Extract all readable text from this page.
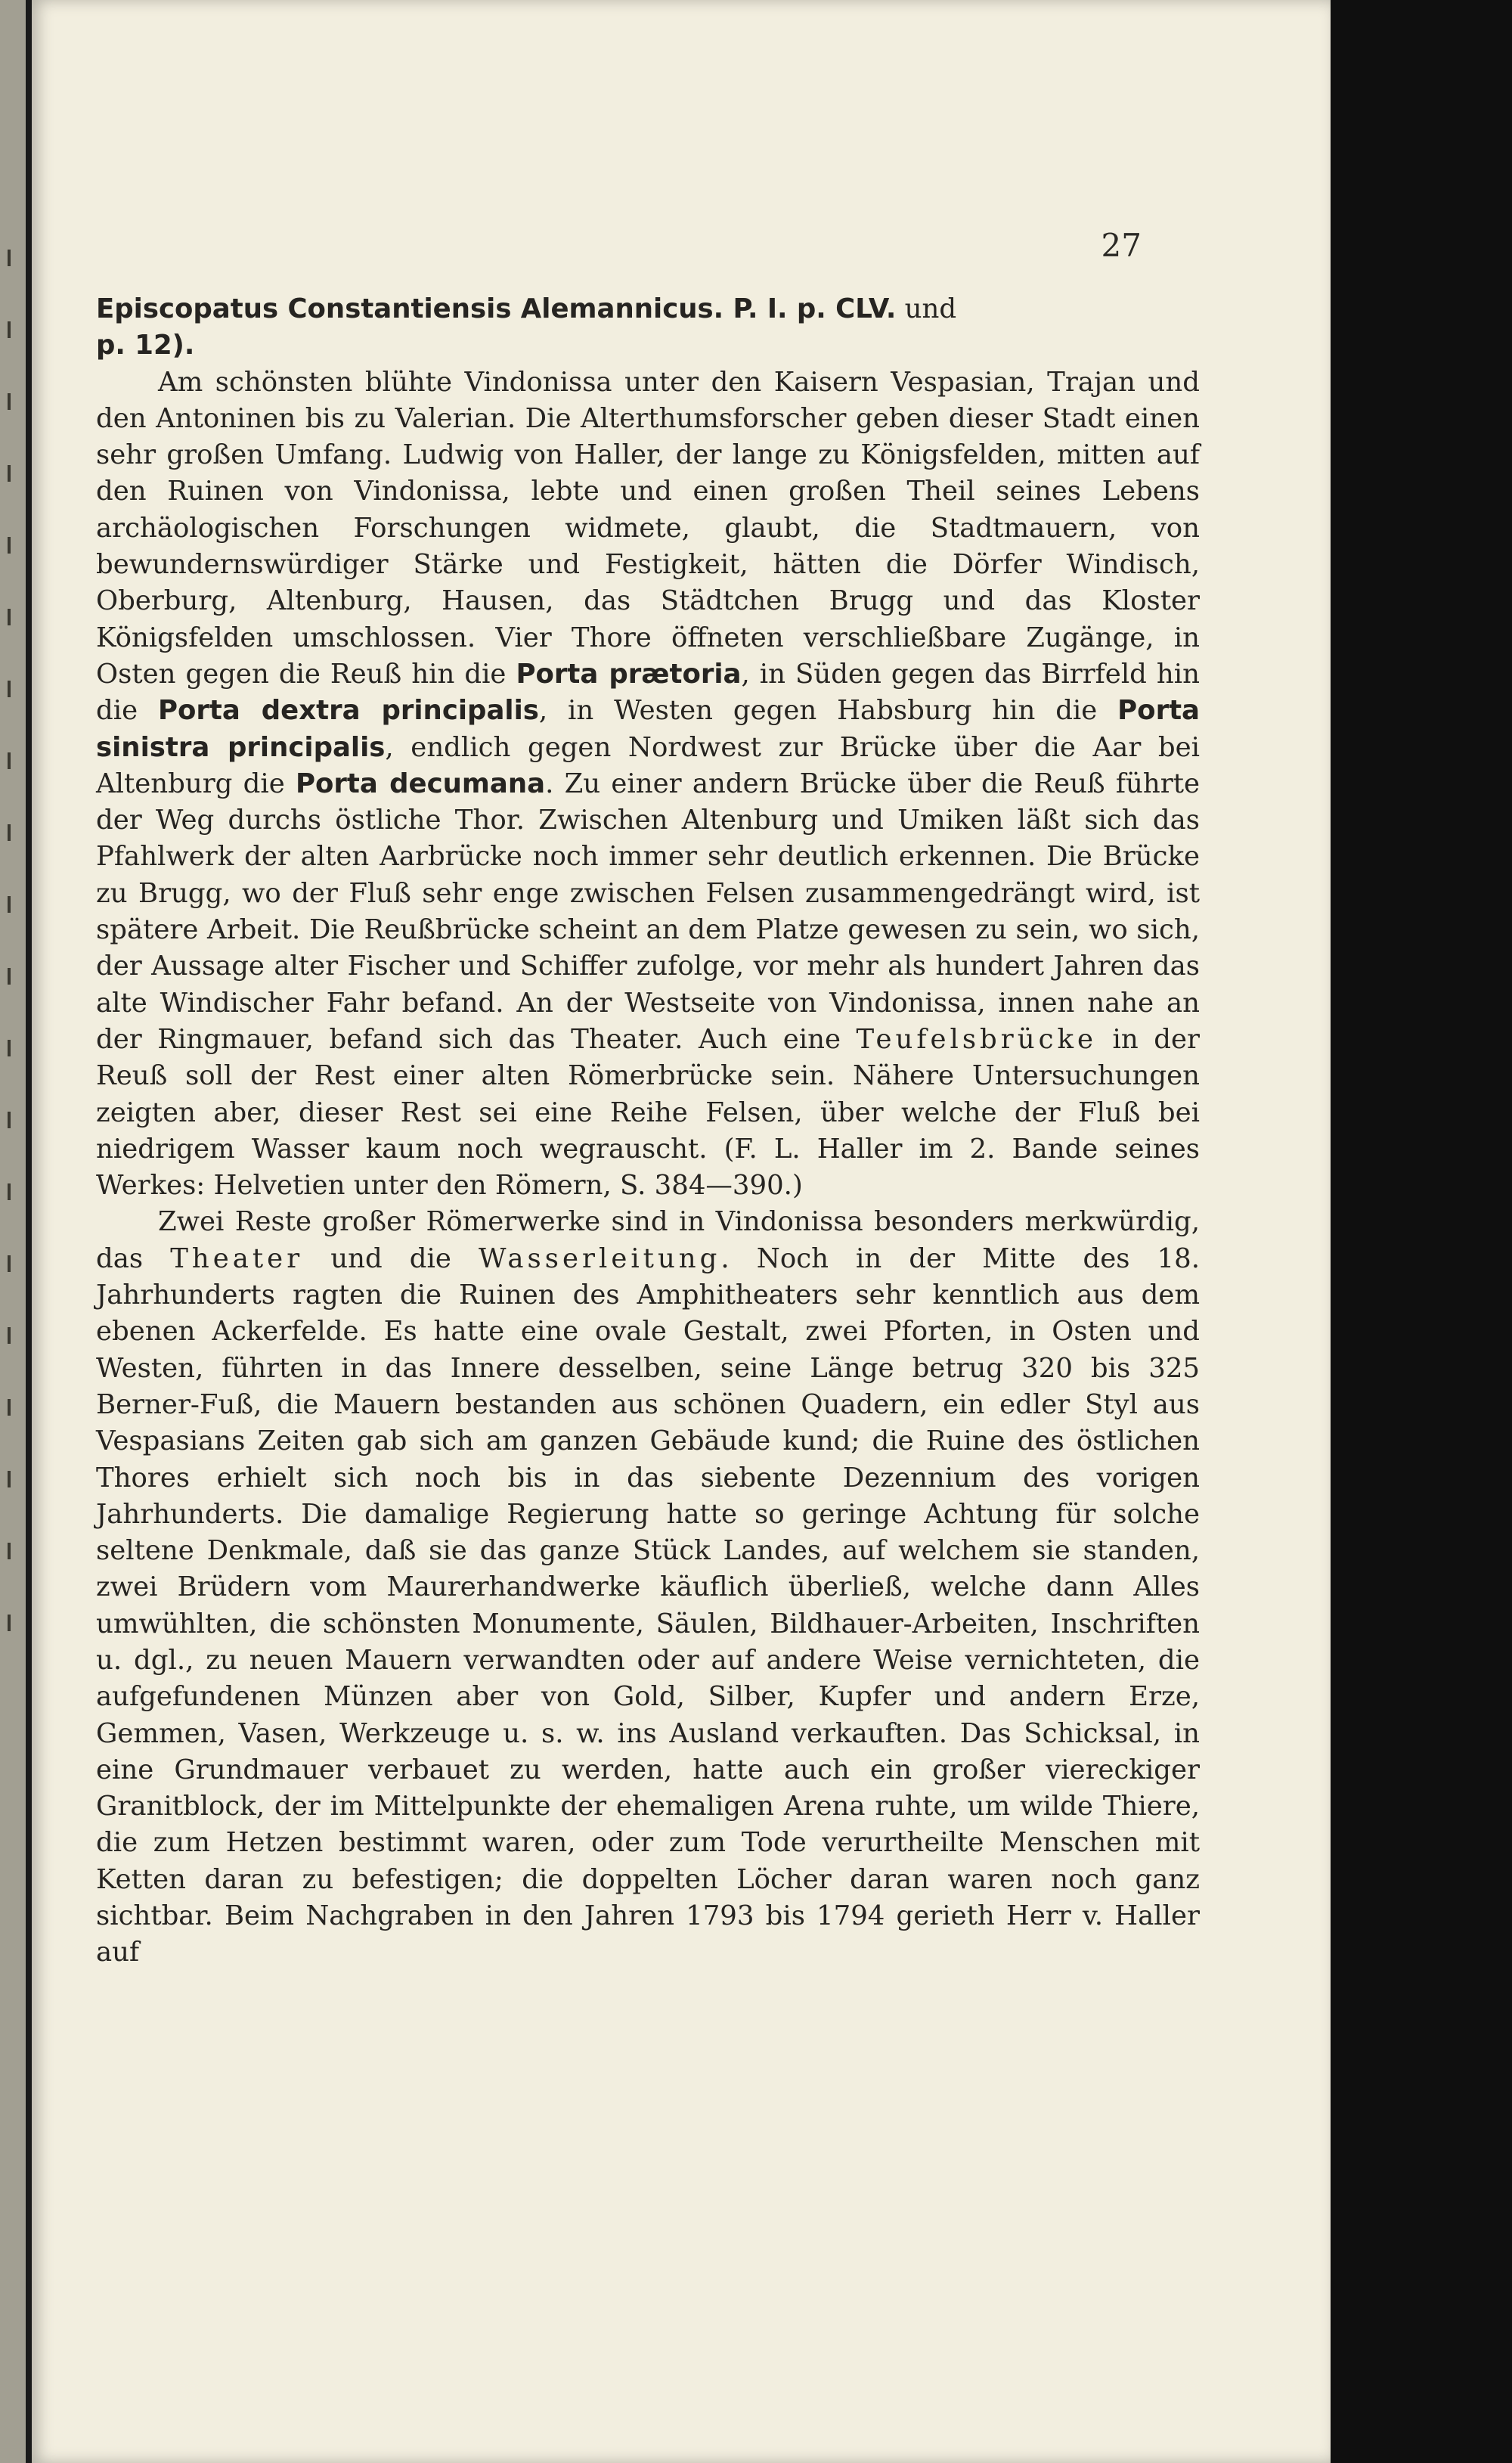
27

Episcopatus Constantiensis Alemannicus. P. I. p. CLV. und
p. 12).

Am schönsten blühte Vindonissa unter den Kaisern Vespasian, Trajan und den Antoninen bis zu Valerian. Die Alterthumsforscher geben dieser Stadt einen sehr großen Umfang. Ludwig von Haller, der lange zu Königsfelden, mitten auf den Ruinen von Vindonissa, lebte und einen großen Theil seines Lebens archäologischen Forschungen widmete, glaubt, die Stadtmauern, von bewundernswürdiger Stärke und Festigkeit, hätten die Dörfer Windisch, Oberburg, Altenburg, Hausen, das Städtchen Brugg und das Kloster Königsfelden umschlossen. Vier Thore öffneten verschließbare Zugänge, in Osten gegen die Reuß hin die Porta prætoria, in Süden gegen das Birrfeld hin die Porta dextra principalis, in Westen gegen Habsburg hin die Porta sinistra principalis, endlich gegen Nordwest zur Brücke über die Aar bei Altenburg die Porta decumana. Zu einer andern Brücke über die Reuß führte der Weg durchs östliche Thor. Zwischen Altenburg und Umiken läßt sich das Pfahlwerk der alten Aarbrücke noch immer sehr deutlich erkennen. Die Brücke zu Brugg, wo der Fluß sehr enge zwischen Felsen zusammengedrängt wird, ist spätere Arbeit. Die Reußbrücke scheint an dem Platze gewesen zu sein, wo sich, der Aussage alter Fischer und Schiffer zufolge, vor mehr als hundert Jahren das alte Windischer Fahr befand. An der Westseite von Vindonissa, innen nahe an der Ringmauer, befand sich das Theater. Auch eine Teufelsbrücke in der Reuß soll der Rest einer alten Römerbrücke sein. Nähere Untersuchungen zeigten aber, dieser Rest sei eine Reihe Felsen, über welche der Fluß bei niedrigem Wasser kaum noch wegrauscht. (F. L. Haller im 2. Bande seines Werkes: Helvetien unter den Römern, S. 384—390.)

Zwei Reste großer Römerwerke sind in Vindonissa besonders merkwürdig, das Theater und die Wasserleitung. Noch in der Mitte des 18. Jahrhunderts ragten die Ruinen des Amphitheaters sehr kenntlich aus dem ebenen Ackerfelde. Es hatte eine ovale Gestalt, zwei Pforten, in Osten und Westen, führten in das Innere desselben, seine Länge betrug 320 bis 325 Berner-Fuß, die Mauern bestanden aus schönen Quadern, ein edler Styl aus Vespasians Zeiten gab sich am ganzen Gebäude kund; die Ruine des östlichen Thores erhielt sich noch bis in das siebente Dezennium des vorigen Jahrhunderts. Die damalige Regierung hatte so geringe Achtung für solche seltene Denkmale, daß sie das ganze Stück Landes, auf welchem sie standen, zwei Brüdern vom Maurerhandwerke käuflich überließ, welche dann Alles umwühlten, die schönsten Monumente, Säulen, Bildhauer-Arbeiten, Inschriften u. dgl., zu neuen Mauern verwandten oder auf andere Weise vernichteten, die aufgefundenen Münzen aber von Gold, Silber, Kupfer und andern Erze, Gemmen, Vasen, Werkzeuge u. s. w. ins Ausland verkauften. Das Schicksal, in eine Grundmauer verbauet zu werden, hatte auch ein großer viereckiger Granitblock, der im Mittelpunkte der ehemaligen Arena ruhte, um wilde Thiere, die zum Hetzen bestimmt waren, oder zum Tode verurtheilte Menschen mit Ketten daran zu befestigen; die doppelten Löcher daran waren noch ganz sichtbar. Beim Nachgraben in den Jahren 1793 bis 1794 gerieth Herr v. Haller auf
